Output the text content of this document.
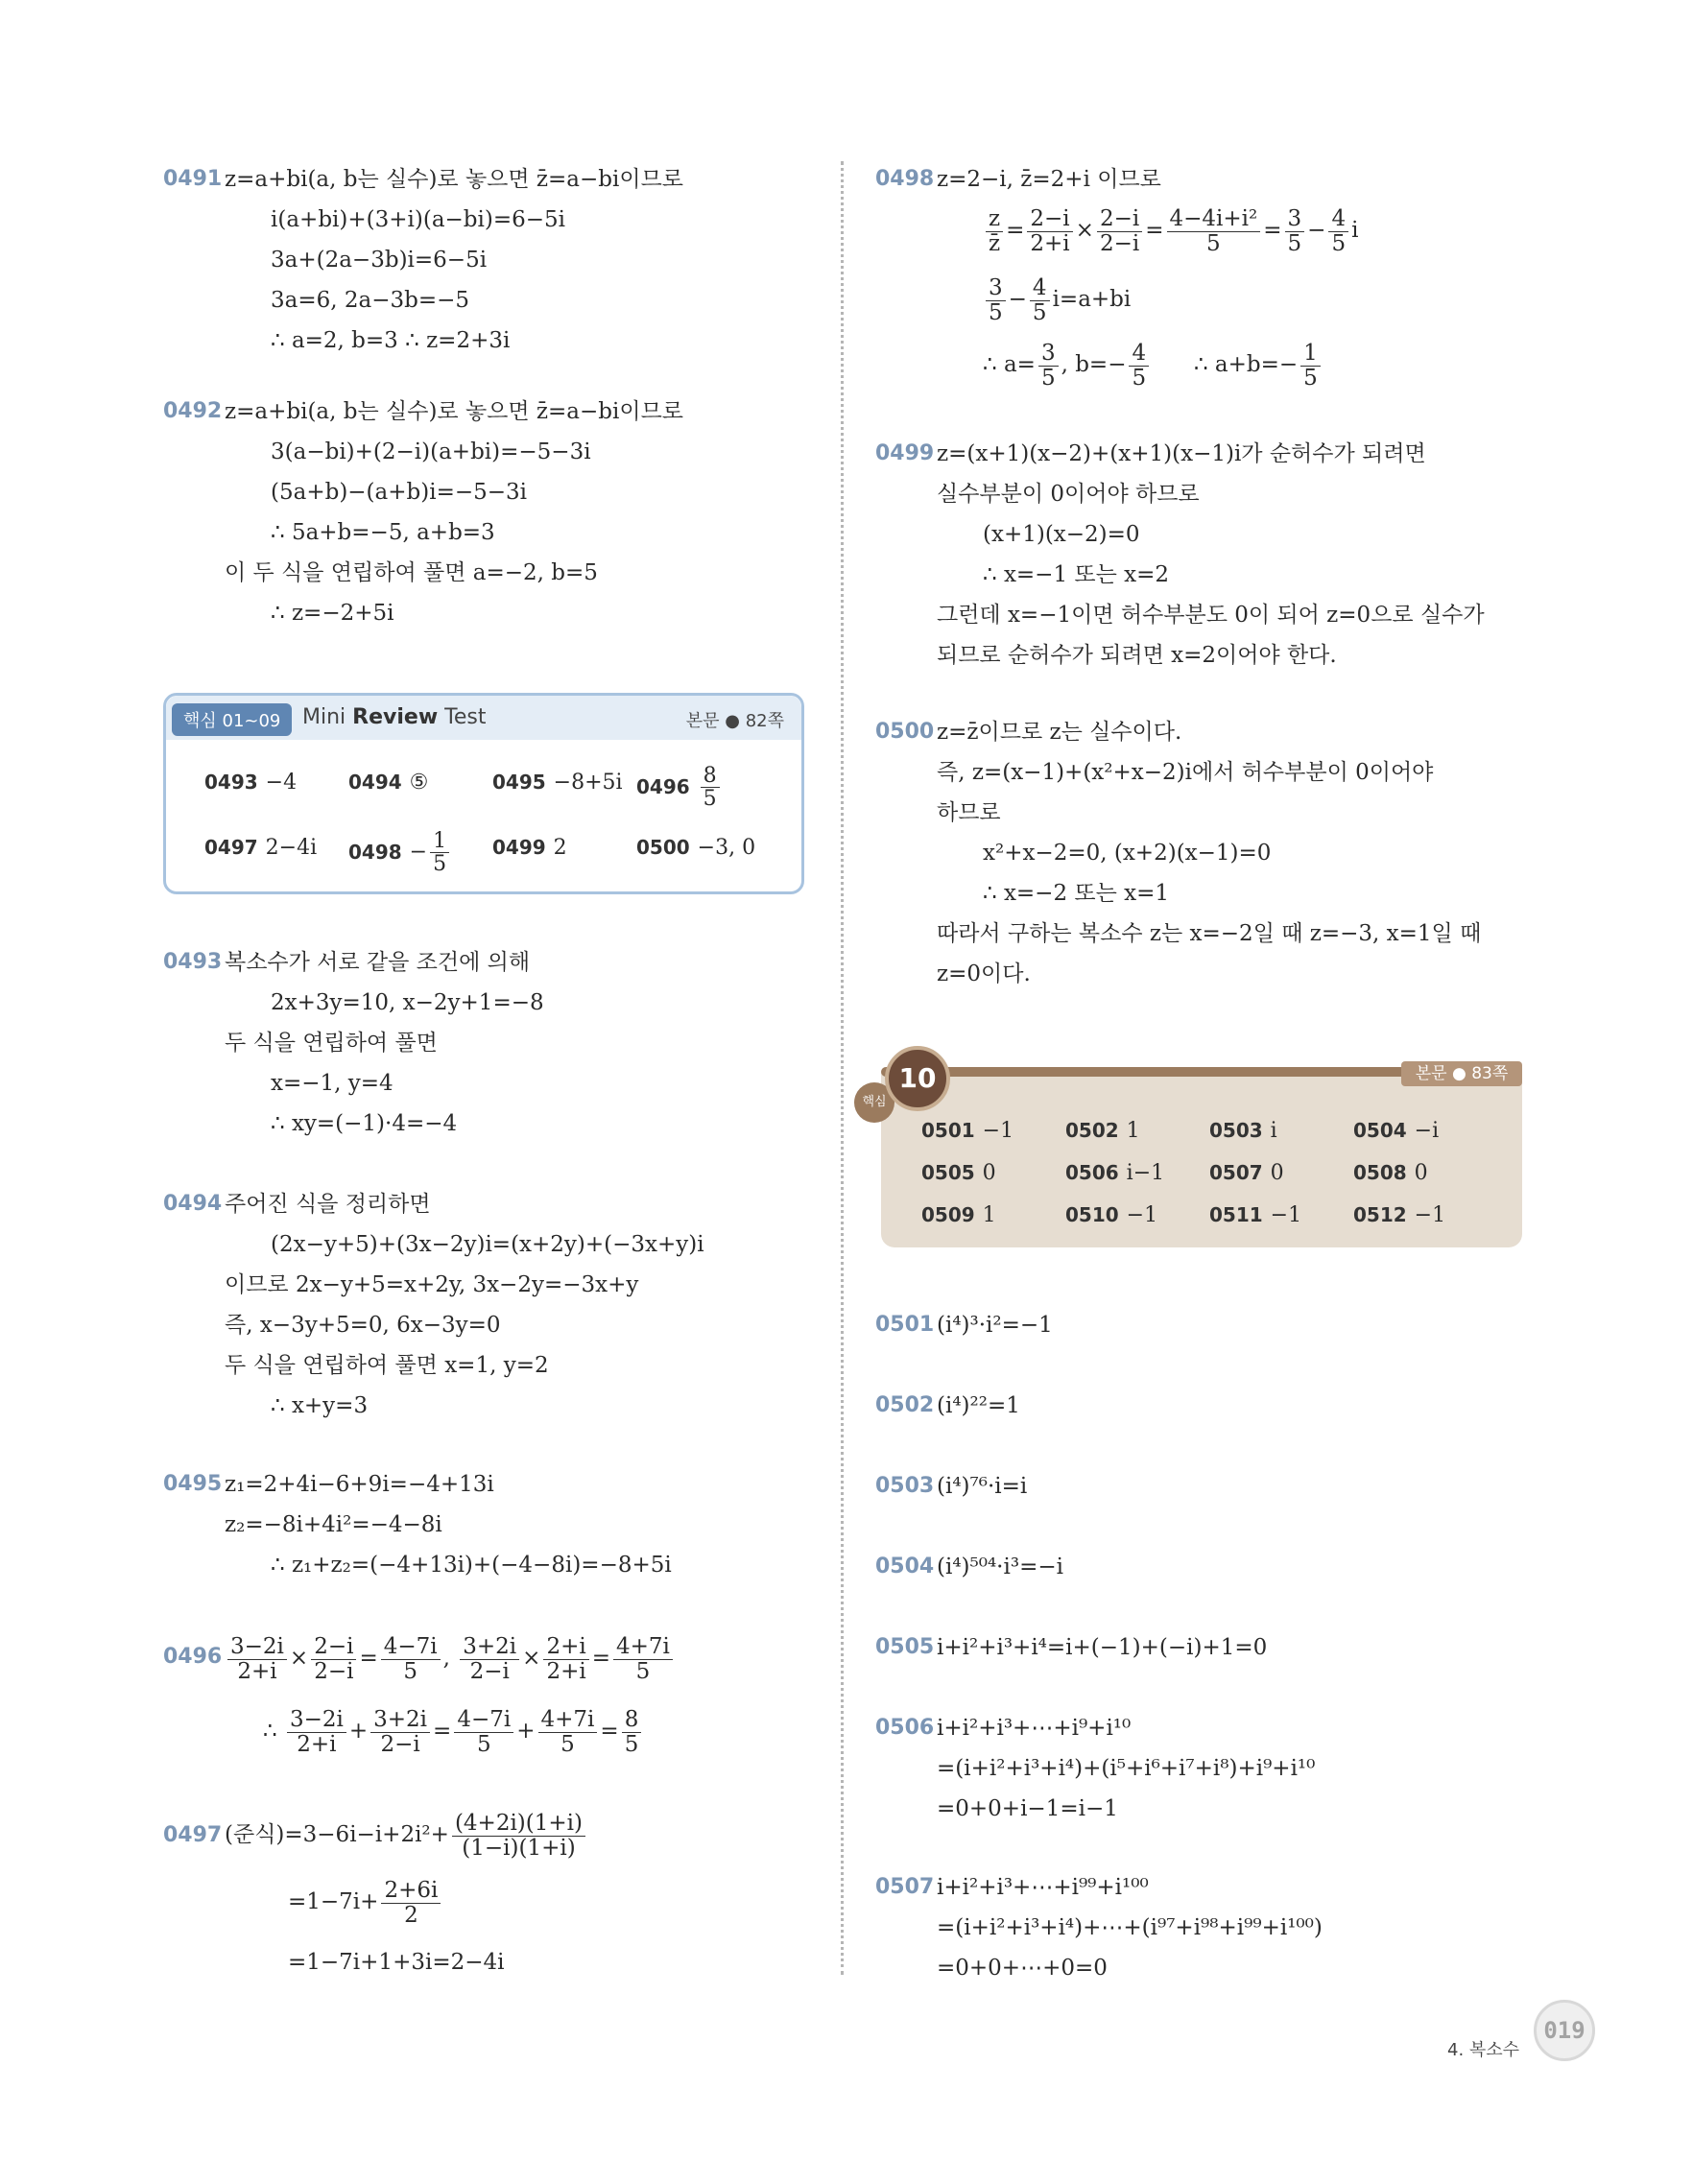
0491 z=a+bi(a, b는 실수)로 놓으면 z̄=a−bi이므로
i(a+bi)+(3+i)(a−bi)=6−5i
3a+(2a−3b)i=6−5i
3a=6, 2a−3b=−5
∴ a=2, b=3 ∴ z=2+3i
0492 z=a+bi(a, b는 실수)로 놓으면 z̄=a−bi이므로
3(a−bi)+(2−i)(a+bi)=−5−3i
(5a+b)−(a+b)i=−5−3i
∴ 5a+b=−5, a+b=3
이 두 식을 연립하여 풀면 a=−2, b=5
∴ z=−2+5i
핵심 01~09	Mini Review Test	본문 ● 82쪽
0493 −4	0494 ⑤	0495 −8+5i $0496 \frac{8}{5}$
0497 2−4i $0498 - \frac{1}{5} 0499$ 2	0500 −3, 0
0493 복소수가 서로 같을 조건에 의해
2x+3y=10, x−2y+1=−8
두 식을 연립하여 풀면
x=−1, y=4
∴ xy=(−1)·4=−4
0494 주어진 식을 정리하면
(2x−y+5)+(3x−2y)i=(x+2y)+(−3x+y)i
이므로 2x−y+5=x+2y, 3x−2y=−3x+y
즉, x−3y+5=0, 6x−3y=0
두 식을 연립하여 풀면 x=1, y=2
∴ x+y=3
0495 z₁=2+4i−6+9i=−4+13i
z₂=−8i+4i²=−4−8i
∴ z₁+z₂=(−4+13i)+(−4−8i)=−8+5i
$0496 \frac{3-2i}{2+i} \times \frac{2-i}{2-i} = \frac{4-7i}{5}$ , $\frac{3+2i}{2-i} \times \frac{2+i}{2+i} = \frac{4+7i}{5}$
∴ $\frac{3-2i}{2+i} + \frac{3+2i}{2-i} = \frac{4-7i}{5} + \frac{4+7i}{5} = \frac{8}{5}$
0497 (준식)$=3-6i-i+2i^2+ \frac{(4+2i)(1+i)}{(1-i)(1+i)}$
$=1-7i+ \frac{2+6i}{2}$
=1−7i+1+3i=2−4i
0498 z=2−i, z̄=2+i 이므로
$\frac{z}{z̄} = \frac{2-i}{2+i} \times \frac{2-i}{2-i} = \frac{\text{4−4i+i²}}{5} = \frac{3}{5} - \frac{4}{5}$ i
$\frac{3}{5} - \frac{4}{5} i=a+bi$
∴ $a= \frac{3}{5}$ , $b=- \frac{4}{5}$ ∴ $a+b=- \frac{1}{5}$
0499 z=(x+1)(x−2)+(x+1)(x−1)i가 순허수가 되려면
실수부분이 0이어야 하므로
(x+1)(x−2)=0
∴ x=−1 또는 x=2
그런데 x=−1이면 허수부분도 0이 되어 z=0으로 실수가
되므로 순허수가 되려면 x=2이어야 한다.
0500 z=z̄이므로 z는 실수이다.
즉, z=(x−1)+(x²+x−2)i에서 허수부분이 0이어야
하므로
x²+x−2=0, (x+2)(x−1)=0
∴ x=−2 또는 x=1
따라서 구하는 복소수 z는 x=−2일 때 z=−3, x=1일 때
z=0이다.
0501 −1	0502 1	0503 i	0504 −i
0505 0	0506 i−1 0507 0	0508 0
0509 1	0510 −1	0511 −1	0512 −1
핵심
10	본문 ● 83쪽
0501 (i⁴)³·i²=−1
0502 (i⁴)²²=1
0503 (i⁴)⁷⁶·i=i
0504 (i⁴)⁵⁰⁴·i³=−i
0505 i+i²+i³+i⁴=i+(−1)+(−i)+1=0
0506 i+i²+i³+⋯+i⁹+i¹⁰
=(i+i²+i³+i⁴)+(i⁵+i⁶+i⁷+i⁸)+i⁹+i¹⁰
=0+0+i−1=i−1
0507 i+i²+i³+⋯+i⁹⁹+i¹⁰⁰
=(i+i²+i³+i⁴)+⋯+(i⁹⁷+i⁹⁸+i⁹⁹+i¹⁰⁰)
=0+0+⋯+0=0
4. 복소수
019
